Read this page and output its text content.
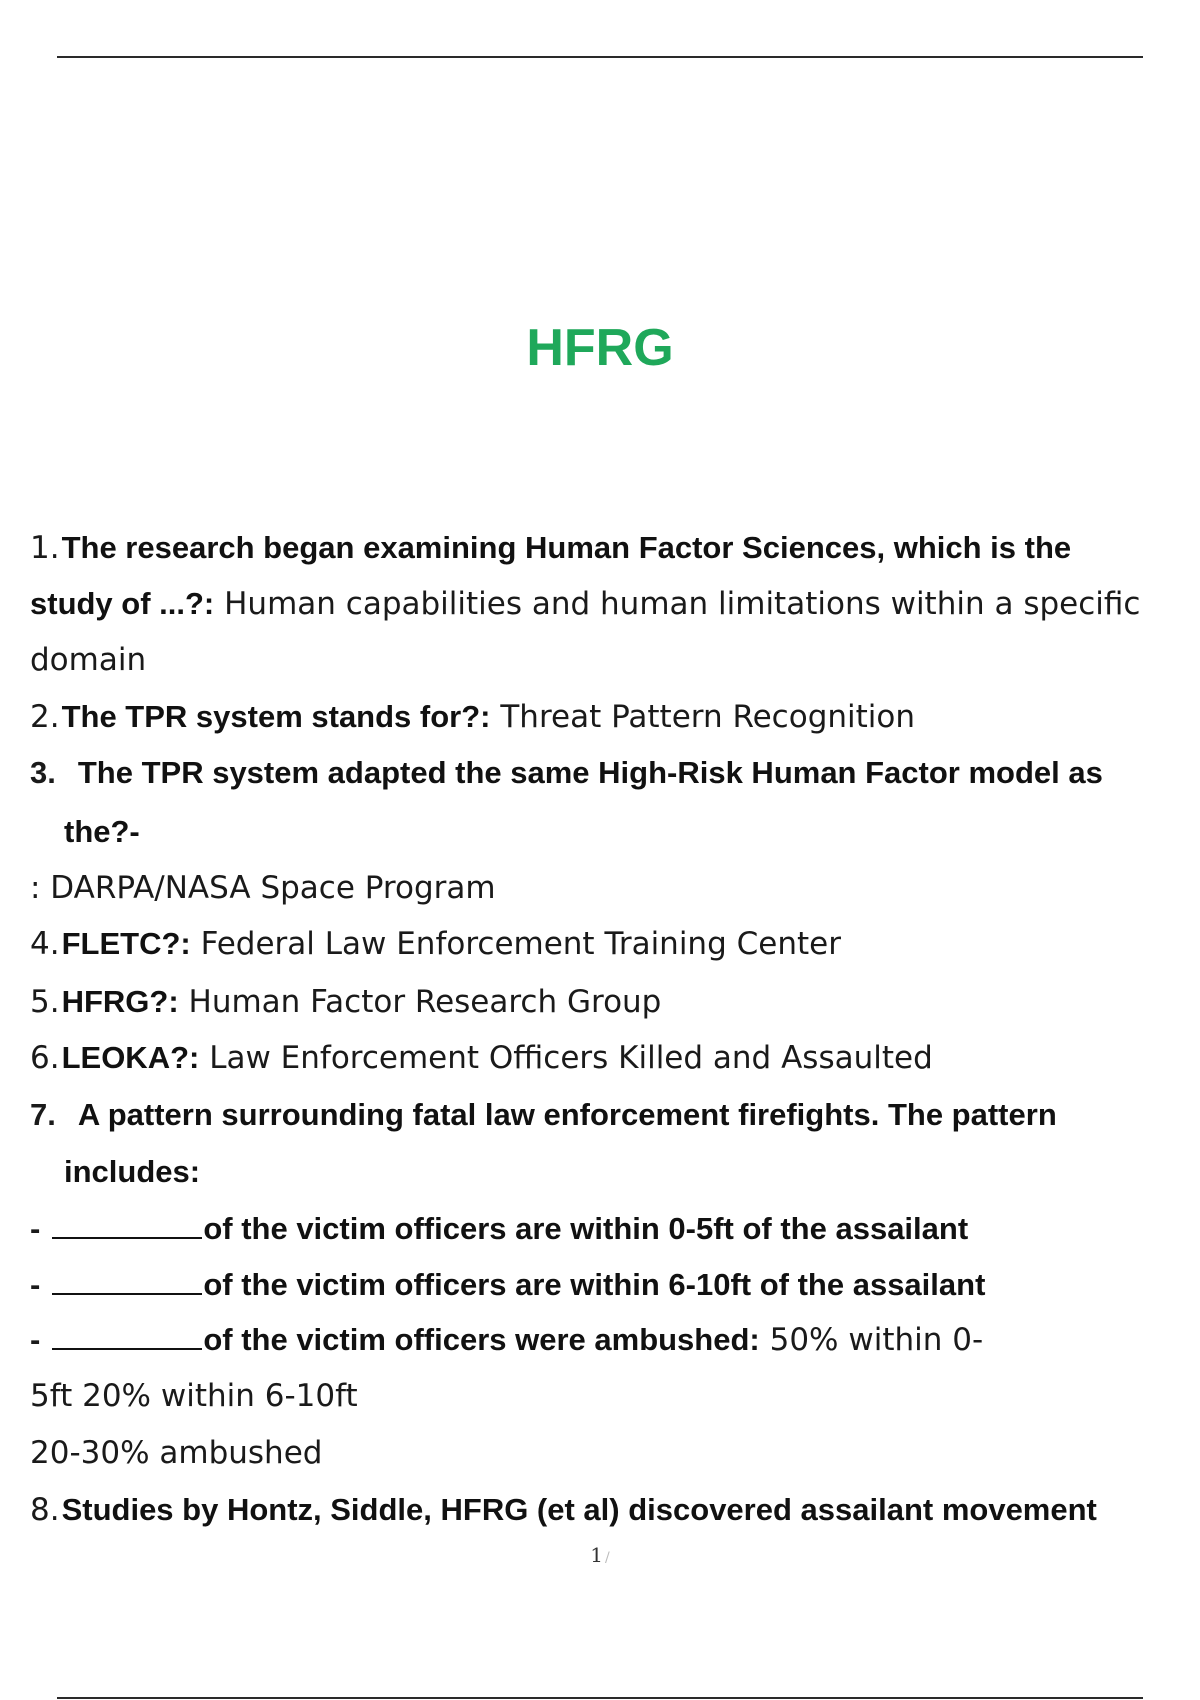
HFRG
1.The research began examining Human Factor Sciences, which is the
study of ...?: Human capabilities and human limitations within a specific
domain
2.The TPR system stands for?: Threat Pattern Recognition
3. The TPR system adapted the same High-Risk Human Factor model as
the?-
: DARPA/NASA Space Program
4.FLETC?: Federal Law Enforcement Training Center
5.HFRG?: Human Factor Research Group
6.LEOKA?: Law Enforcement Officers Killed and Assaulted
7. A pattern surrounding fatal law enforcement firefights. The pattern
includes:
-	of the victim officers are within 0-5ft of the assailant
-	of the victim officers are within 6-10ft of the assailant
-	of the victim officers were ambushed: 50% within 0-
5ft 20% within 6-10ft
20-30% ambushed
8.Studies by Hontz, Siddle, HFRG (et al) discovered assailant movement
1 /
